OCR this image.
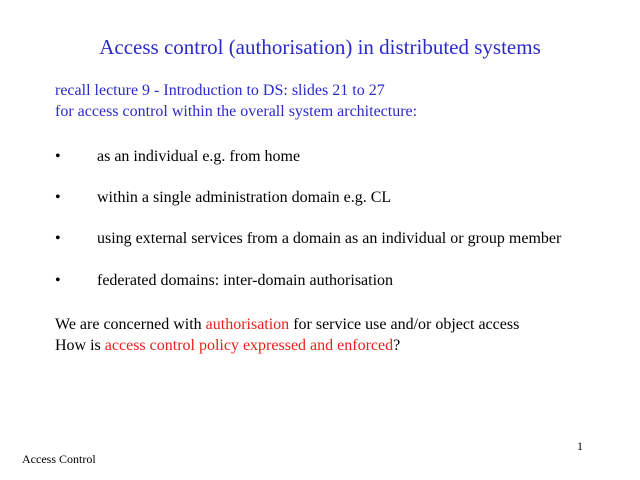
Access control (authorisation) in distributed systems
recall lecture 9 - Introduction to DS: slides 21 to 27
for access control within the overall system architecture:
• as an individual e.g. from home
• within a single administration domain e.g. CL
• using external services from a domain as an individual or group member
• federated domains: inter-domain authorisation
We are concerned with authorisation for service use and/or object access
How is access control policy expressed and enforced?
1
Access Control
